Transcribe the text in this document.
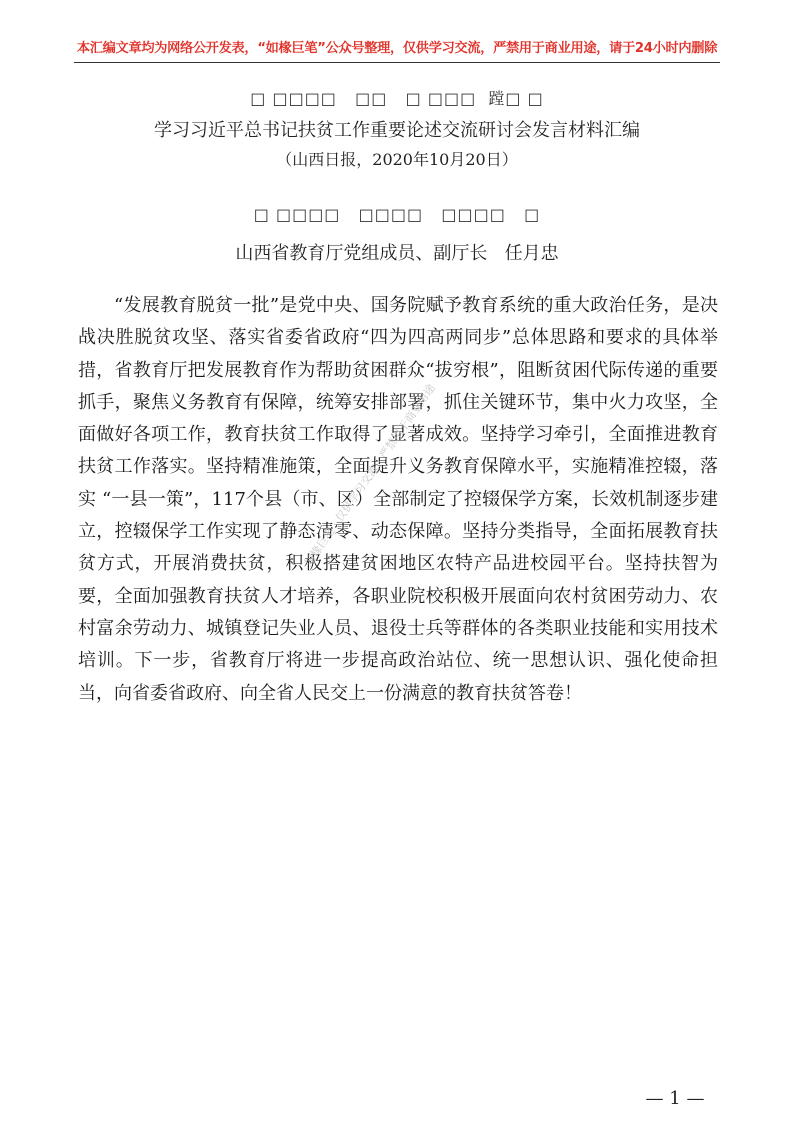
本汇编文章均为网络公开发表，“如椽巨笔”公众号整理，仅供学习交流，严禁用于商业用途，请于24小时内删除
□ □□□□   □□   □ □□□  蹚□ □
学习习近平总书记扶贫工作重要论述交流研讨会发言材料汇编
（山西日报，2020年10月20日）
□ □□□□   □□□□   □□□□   □
山西省教育厅党组成员、副厅长   任月忠
“发展教育脱贫一批”是党中央、国务院赋予教育系统的重大政治任务，是决战决胜脱贫攻坚、落实省委省政府“四为四高两同步”总体思路和要求的具体举措，省教育厅把发展教育作为帮助贫困群众“拔穷根”，阻断贫困代际传递的重要抓手，聚焦义务教育有保障，统筹安排部署，抓住关键环节，集中火力攻坚，全面做好各项工作，教育扶贫工作取得了显著成效。坚持学习牵引，全面推进教育扶贫工作落实。坚持精准施策，全面提升义务教育保障水平，实施精准控辍，落实 “一县一策”，117个县（市、区）全部制定了控辍保学方案，长效机制逐步建立，控辍保学工作实现了静态清零、动态保障。坚持分类指导，全面拓展教育扶贫方式，开展消费扶贫，积极搭建贫困地区农特产品进校园平台。坚持扶智为要，全面加强教育扶贫人才培养，各职业院校积极开展面向农村贫困劳动力、农村富余劳动力、城镇登记失业人员、退役士兵等群体的各类职业技能和实用技术培训。下一步，省教育厅将进一步提高政治站位、统一思想认识、强化使命担当，向省委省政府、向全省人民交上一份满意的教育扶贫答卷！
如椽巨笔 · 仅供学习交流 · 严禁用于商业用途
— 1 —
